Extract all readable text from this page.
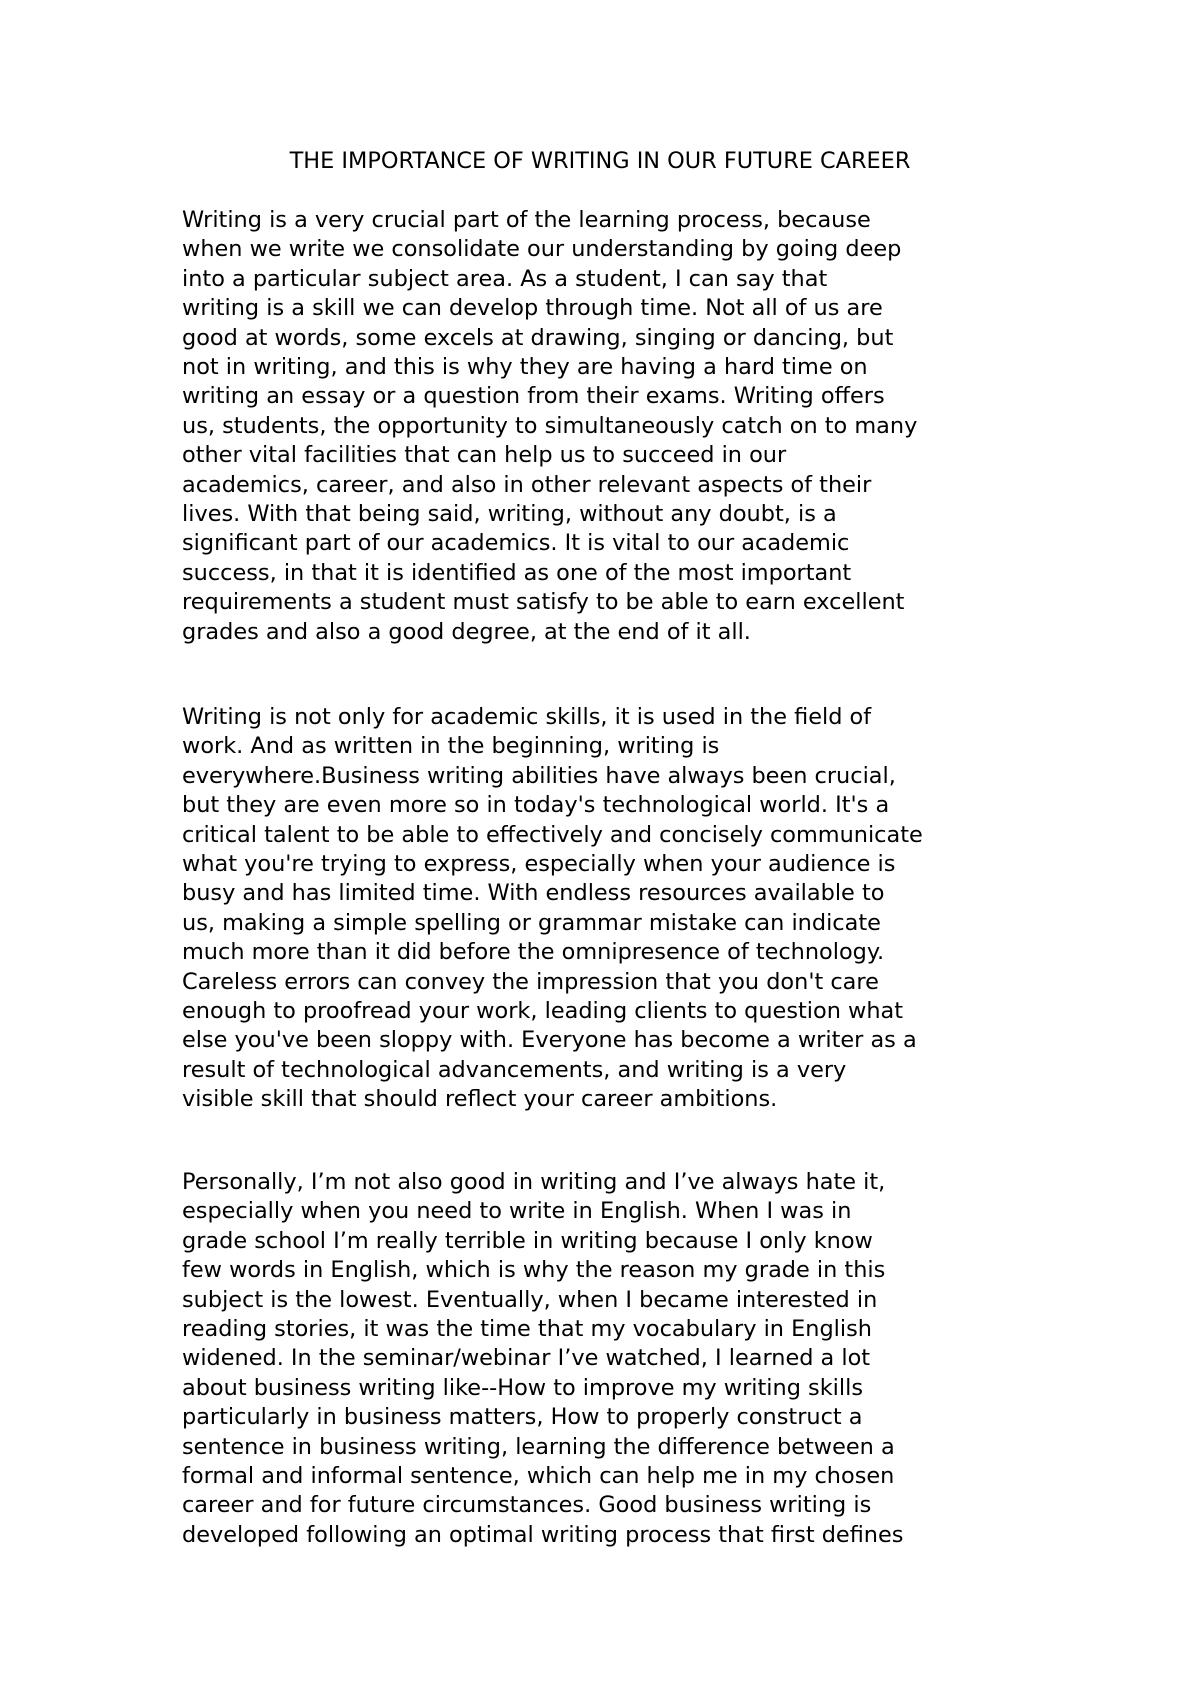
THE IMPORTANCE OF WRITING IN OUR FUTURE CAREER
Writing is a very crucial part of the learning process, because
when we write we consolidate our understanding by going deep
into a particular subject area. As a student, I can say that
writing is a skill we can develop through time. Not all of us are
good at words, some excels at drawing, singing or dancing, but
not in writing, and this is why they are having a hard time on
writing an essay or a question from their exams. Writing offers
us, students, the opportunity to simultaneously catch on to many
other vital facilities that can help us to succeed in our
academics, career, and also in other relevant aspects of their
lives. With that being said, writing, without any doubt, is a
significant part of our academics. It is vital to our academic
success, in that it is identified as one of the most important
requirements a student must satisfy to be able to earn excellent
grades and also a good degree, at the end of it all.
Writing is not only for academic skills, it is used in the field of
work. And as written in the beginning, writing is
everywhere.Business writing abilities have always been crucial,
but they are even more so in today's technological world. It's a
critical talent to be able to effectively and concisely communicate
what you're trying to express, especially when your audience is
busy and has limited time. With endless resources available to
us, making a simple spelling or grammar mistake can indicate
much more than it did before the omnipresence of technology.
Careless errors can convey the impression that you don't care
enough to proofread your work, leading clients to question what
else you've been sloppy with. Everyone has become a writer as a
result of technological advancements, and writing is a very
visible skill that should reflect your career ambitions.
Personally, I’m not also good in writing and I’ve always hate it,
especially when you need to write in English. When I was in
grade school I’m really terrible in writing because I only know
few words in English, which is why the reason my grade in this
subject is the lowest. Eventually, when I became interested in
reading stories, it was the time that my vocabulary in English
widened. In the seminar/webinar I’ve watched, I learned a lot
about business writing like--How to improve my writing skills
particularly in business matters, How to properly construct a
sentence in business writing, learning the difference between a
formal and informal sentence, which can help me in my chosen
career and for future circumstances. Good business writing is
developed following an optimal writing process that first defines
